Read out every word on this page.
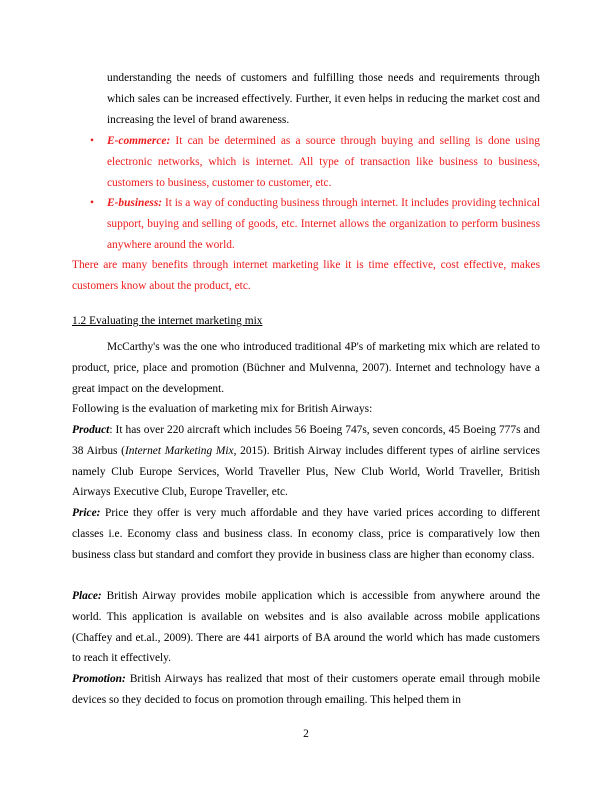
understanding the needs of customers and fulfilling those needs and requirements through which sales can be increased effectively. Further, it even helps in reducing the market cost and increasing the level of brand awareness.

• E-commerce: It can be determined as a source through buying and selling is done using electronic networks, which is internet. All type of transaction like business to business, customers to business, customer to customer, etc.

• E-business: It is a way of conducting business through internet. It includes providing technical support, buying and selling of goods, etc. Internet allows the organization to perform business anywhere around the world.

There are many benefits through internet marketing like it is time effective, cost effective, makes customers know about the product, etc.

1.2 Evaluating the internet marketing mix

McCarthy's was the one who introduced traditional 4P's of marketing mix which are related to product, price, place and promotion (Büchner and Mulvenna, 2007). Internet and technology have a great impact on the development.

Following is the evaluation of marketing mix for British Airways:

Product: It has over 220 aircraft which includes 56 Boeing 747s, seven concords, 45 Boeing 777s and 38 Airbus (Internet Marketing Mix, 2015). British Airway includes different types of airline services namely Club Europe Services, World Traveller Plus, New Club World, World Traveller, British Airways Executive Club, Europe Traveller, etc.

Price: Price they offer is very much affordable and they have varied prices according to different classes i.e. Economy class and business class. In economy class, price is comparatively low then business class but standard and comfort they provide in business class are higher than economy class.

Place: British Airway provides mobile application which is accessible from anywhere around the world. This application is available on websites and is also available across mobile applications (Chaffey and et.al., 2009). There are 441 airports of BA around the world which has made customers to reach it effectively.

Promotion: British Airways has realized that most of their customers operate email through mobile devices so they decided to focus on promotion through emailing. This helped them in

2
